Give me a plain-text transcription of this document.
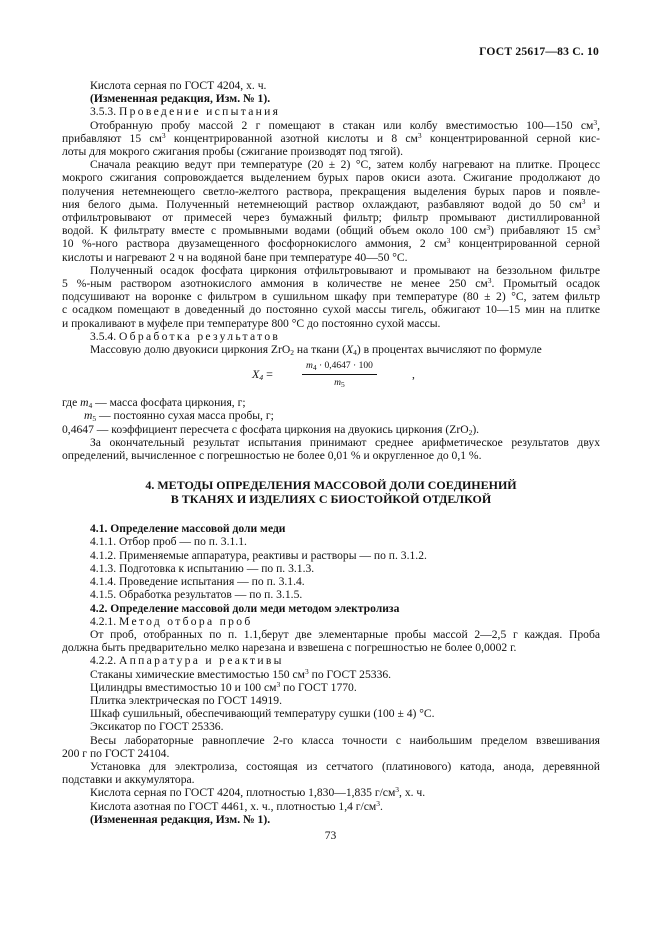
ГОСТ 25617—83 С. 10
Кислота серная по ГОСТ 4204, х. ч.
(Измененная редакция, Изм. № 1).
3.5.3. Проведение испытания
Отобранную пробу массой 2 г помещают в стакан или колбу вместимостью 100—150 $см^3$,
прибавляют 15 $см^3$ концентрированной азотной кислоты и 8 $см^3$ концентрированной серной кис-
лоты для мокрого сжигания пробы (сжигание производят под тягой).
Сначала реакцию ведут при температуре (20 ± 2) °С, затем колбу нагревают на плитке. Процесс
мокрого сжигания сопровождается выделением бурых паров окиси азота. Сжигание продолжают до
получения нетемнеющего светло-желтого раствора, прекращения выделения бурых паров и появле-
ния белого дыма. Полученный нетемнеющий раствор охлаждают, разбавляют водой до 50 $см^3$ и
отфильтровывают от примесей через бумажный фильтр; фильтр промывают дистиллированной
водой. К фильтрату вместе с промывными водами (общий объем около 100 $см^3$) прибавляют 15 $см^3$
10 %-ного раствора двузамещенного фосфорнокислого аммония, 2 $см^3$ концентрированной серной
кислоты и нагревают 2 ч на водяной бане при температуре 40—50 °С.
Полученный осадок фосфата циркония отфильтровывают и промывают на беззольном фильтре
5 %-ным раствором азотнокислого аммония в количестве не менее 250 $см^3$. Промытый осадок
подсушивают на воронке с фильтром в сушильном шкафу при температуре (80 ± 2) °С, затем фильтр
с осадком помещают в доведенный до постоянно сухой массы тигель, обжигают 10—15 мин на плитке
и прокаливают в муфеле при температуре 800 °С до постоянно сухой массы.
3.5.4. Обработка результатов
Массовую долю двуокиси циркония ZrO$_2$ на ткани $(X_4)$ в процентах вычисляют по формуле
$X_4$ =	$\frac{m_4 \cdot 0,4647 \cdot 100}{m_5}$	,
где $m_4$ — масса фосфата циркония, г;
$m_5$ — постоянно сухая масса пробы, г;
0,4647 — коэффициент пересчета с фосфата циркония на двуокись циркония (ZrO$_2$).
За окончательный результат испытания принимают среднее арифметическое результатов двух
определений, вычисленное с погрешностью не более 0,01 % и округленное до 0,1 %.
4. МЕТОДЫ ОПРЕДЕЛЕНИЯ МАССОВОЙ ДОЛИ СОЕДИНЕНИЙ
В ТКАНЯХ И ИЗДЕЛИЯХ С БИОСТОЙКОЙ ОТДЕЛКОЙ
4.1. Определение массовой доли меди
4.1.1. Отбор проб — по п. 3.1.1.
4.1.2. Применяемые аппаратура, реактивы и растворы — по п. 3.1.2.
4.1.3. Подготовка к испытанию — по п. 3.1.3.
4.1.4. Проведение испытания — по п. 3.1.4.
4.1.5. Обработка результатов — по п. 3.1.5.
4.2. Определение массовой доли меди методом электролиза
4.2.1. Метод отбора проб
От проб, отобранных по п. 1.1,берут две элементарные пробы массой 2—2,5 г каждая. Проба
должна быть предварительно мелко нарезана и взвешена с погрешностью не более 0,0002 г.
4.2.2. Аппаратура и реактивы
Стаканы химические вместимостью 150 $см^3$ по ГОСТ 25336.
Цилиндры вместимостью 10 и 100 $см^3$ по ГОСТ 1770.
Плитка электрическая по ГОСТ 14919.
Шкаф сушильный, обеспечивающий температуру сушки (100 ± 4) °С.
Эксикатор по ГОСТ 25336.
Весы лабораторные равноплечие 2-го класса точности с наибольшим пределом взвешивания
200 г по ГОСТ 24104.
Установка для электролиза, состоящая из сетчатого (платинового) катода, анода, деревянной
подставки и аккумулятора.
Кислота серная по ГОСТ 4204, плотностью 1,830—1,835 $г/см^3$, х. ч.
Кислота азотная по ГОСТ 4461, х. ч., плотностью 1,4 $г/см^3$.
(Измененная редакция, Изм. № 1).
73
